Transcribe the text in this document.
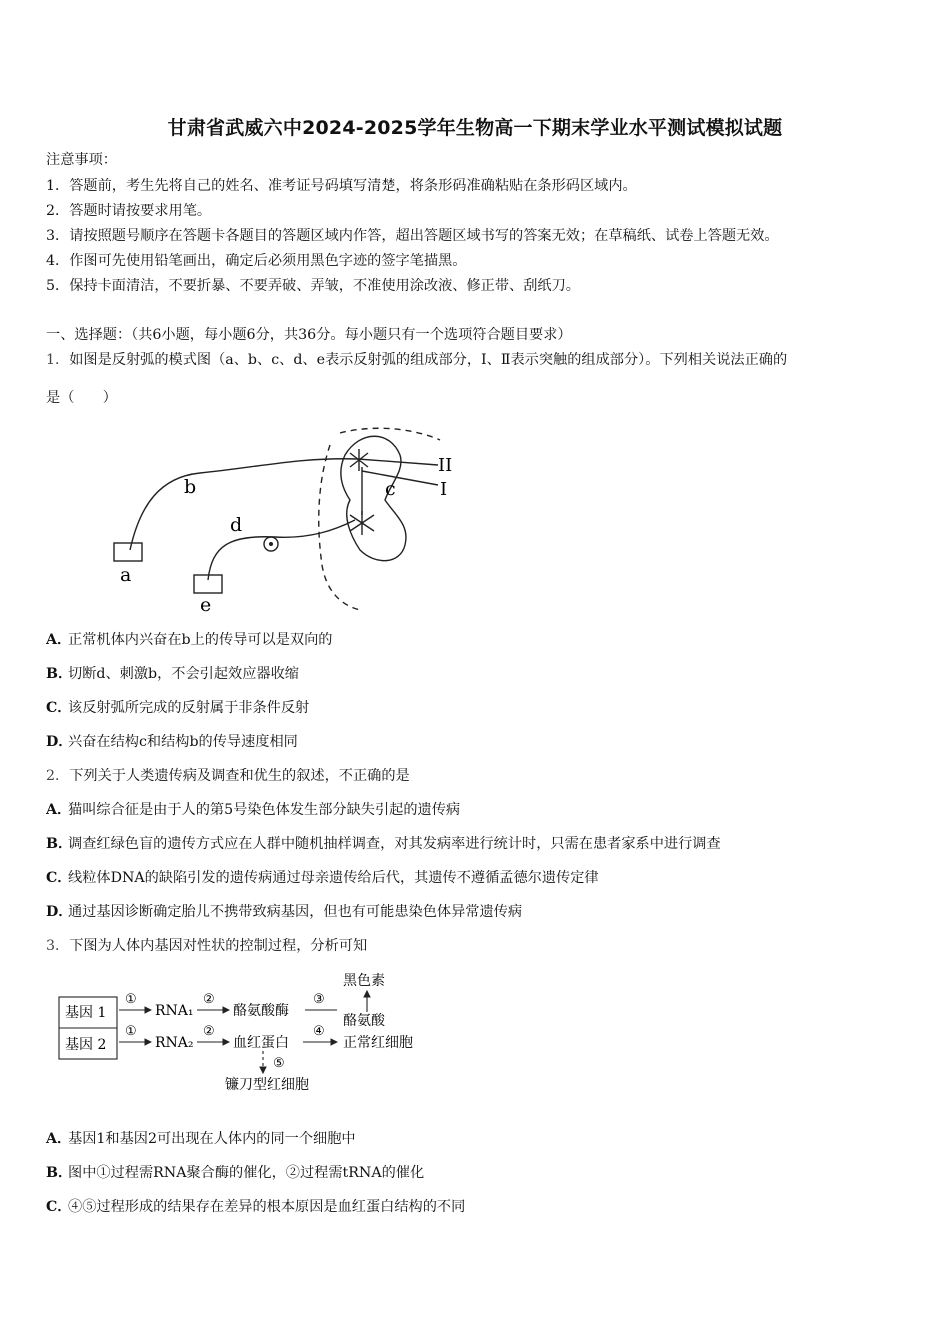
甘肃省武威六中2024-2025学年生物高一下期末学业水平测试模拟试题
注意事项：
1．答题前，考生先将自己的姓名、准考证号码填写清楚，将条形码准确粘贴在条形码区域内。
2．答题时请按要求用笔。
3．请按照题号顺序在答题卡各题目的答题区域内作答，超出答题区域书写的答案无效；在草稿纸、试卷上答题无效。
4．作图可先使用铅笔画出，确定后必须用黑色字迹的签字笔描黑。
5．保持卡面清洁，不要折暴、不要弄破、弄皱，不准使用涂改液、修正带、刮纸刀。
一、选择题：（共6小题，每小题6分，共36分。每小题只有一个选项符合题目要求）
1．如图是反射弧的模式图（a、b、c、d、e表示反射弧的组成部分，Ⅰ、Ⅱ表示突触的组成部分）。下列相关说法正确的
是（　　）
b
a
d
e
c
II
I
A．正常机体内兴奋在b上的传导可以是双向的
B．切断d、刺激b，不会引起效应器收缩
C．该反射弧所完成的反射属于非条件反射
D．兴奋在结构c和结构b的传导速度相同
2．下列关于人类遗传病及调查和优生的叙述，不正确的是
A．猫叫综合征是由于人的第5号染色体发生部分缺失引起的遗传病
B．调查红绿色盲的遗传方式应在人群中随机抽样调查，对其发病率进行统计时，只需在患者家系中进行调查
C．线粒体DNA的缺陷引发的遗传病通过母亲遗传给后代，其遗传不遵循孟德尔遗传定律
D．通过基因诊断确定胎儿不携带致病基因，但也有可能患染色体异常遗传病
3．下图为人体内基因对性状的控制过程，分析可知
基因 1
基因 2
①
①
RNA₁
RNA₂
②
②
酪氨酸酶
③
黑色素
酪氨酸
血红蛋白
④
正常红细胞
⑤
镰刀型红细胞
A．基因1和基因2可出现在人体内的同一个细胞中
B．图中①过程需RNA聚合酶的催化，②过程需tRNA的催化
C．④⑤过程形成的结果存在差异的根本原因是血红蛋白结构的不同
